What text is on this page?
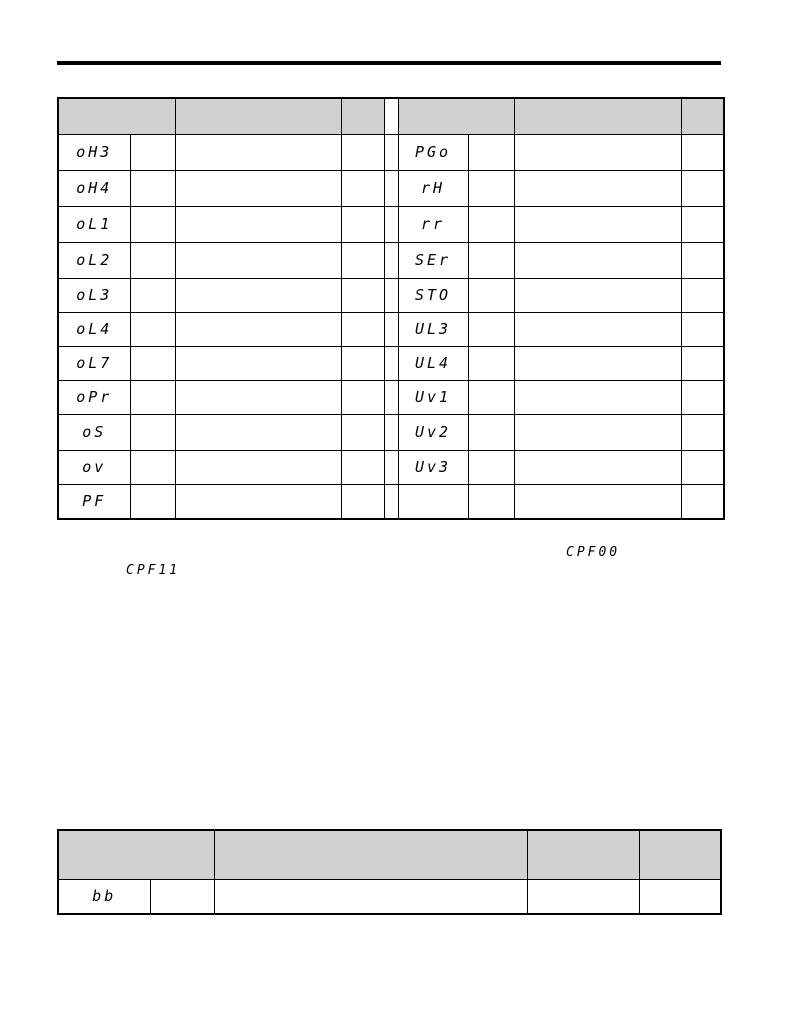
oH3					PGo			
oH4					rH			
oL1					rr			
oL2					SEr			
oL3					STO			
oL4					UL3			
oL7					UL4			
oPr					Uv1			
oS					Uv2			
ov					Uv3			
PF								
CPF00
CPF11

bb				
